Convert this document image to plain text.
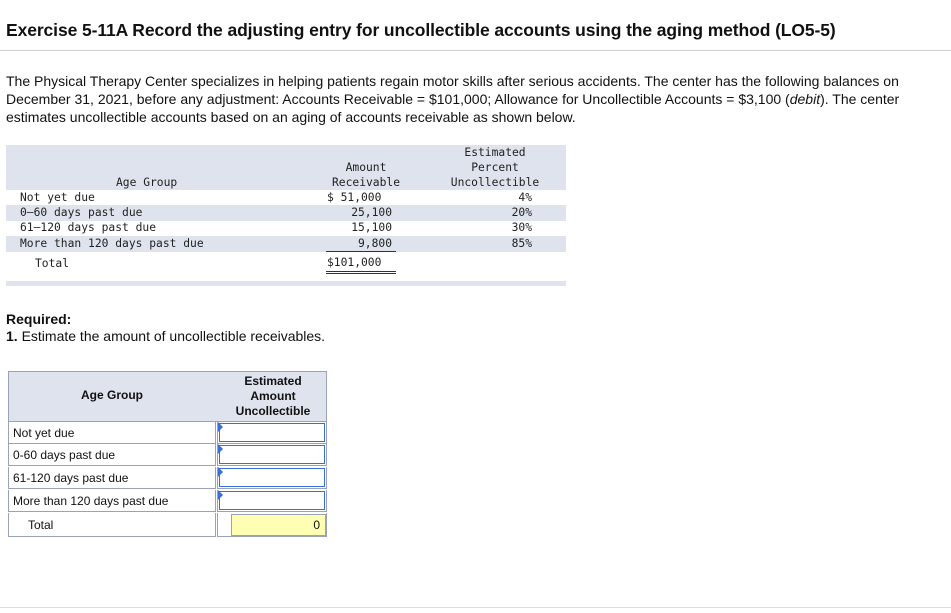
Exercise 5-11A Record the adjusting entry for uncollectible accounts using the aging method (LO5-5)
The Physical Therapy Center specializes in helping patients regain motor skills after serious accidents. The center has the following balances on December 31, 2021, before any adjustment: Accounts Receivable = $101,000; Allowance for Uncollectible Accounts = $3,100 (debit). The center estimates uncollectible accounts based on an aging of accounts receivable as shown below.
Age Group
Amount
Receivable
Estimated
Percent
Uncollectible
Not yet due	$ 51,000	4%
0–60 days past due	25,100	20%
61–120 days past due	15,100	30%
More than 120 days past due	9,800	85%
Total	$101,000
Required:
1. Estimate the amount of uncollectible receivables.
Age Group
Estimated
Amount
Uncollectible
Not yet due
0-60 days past due
61-120 days past due
More than 120 days past due
Total	0
